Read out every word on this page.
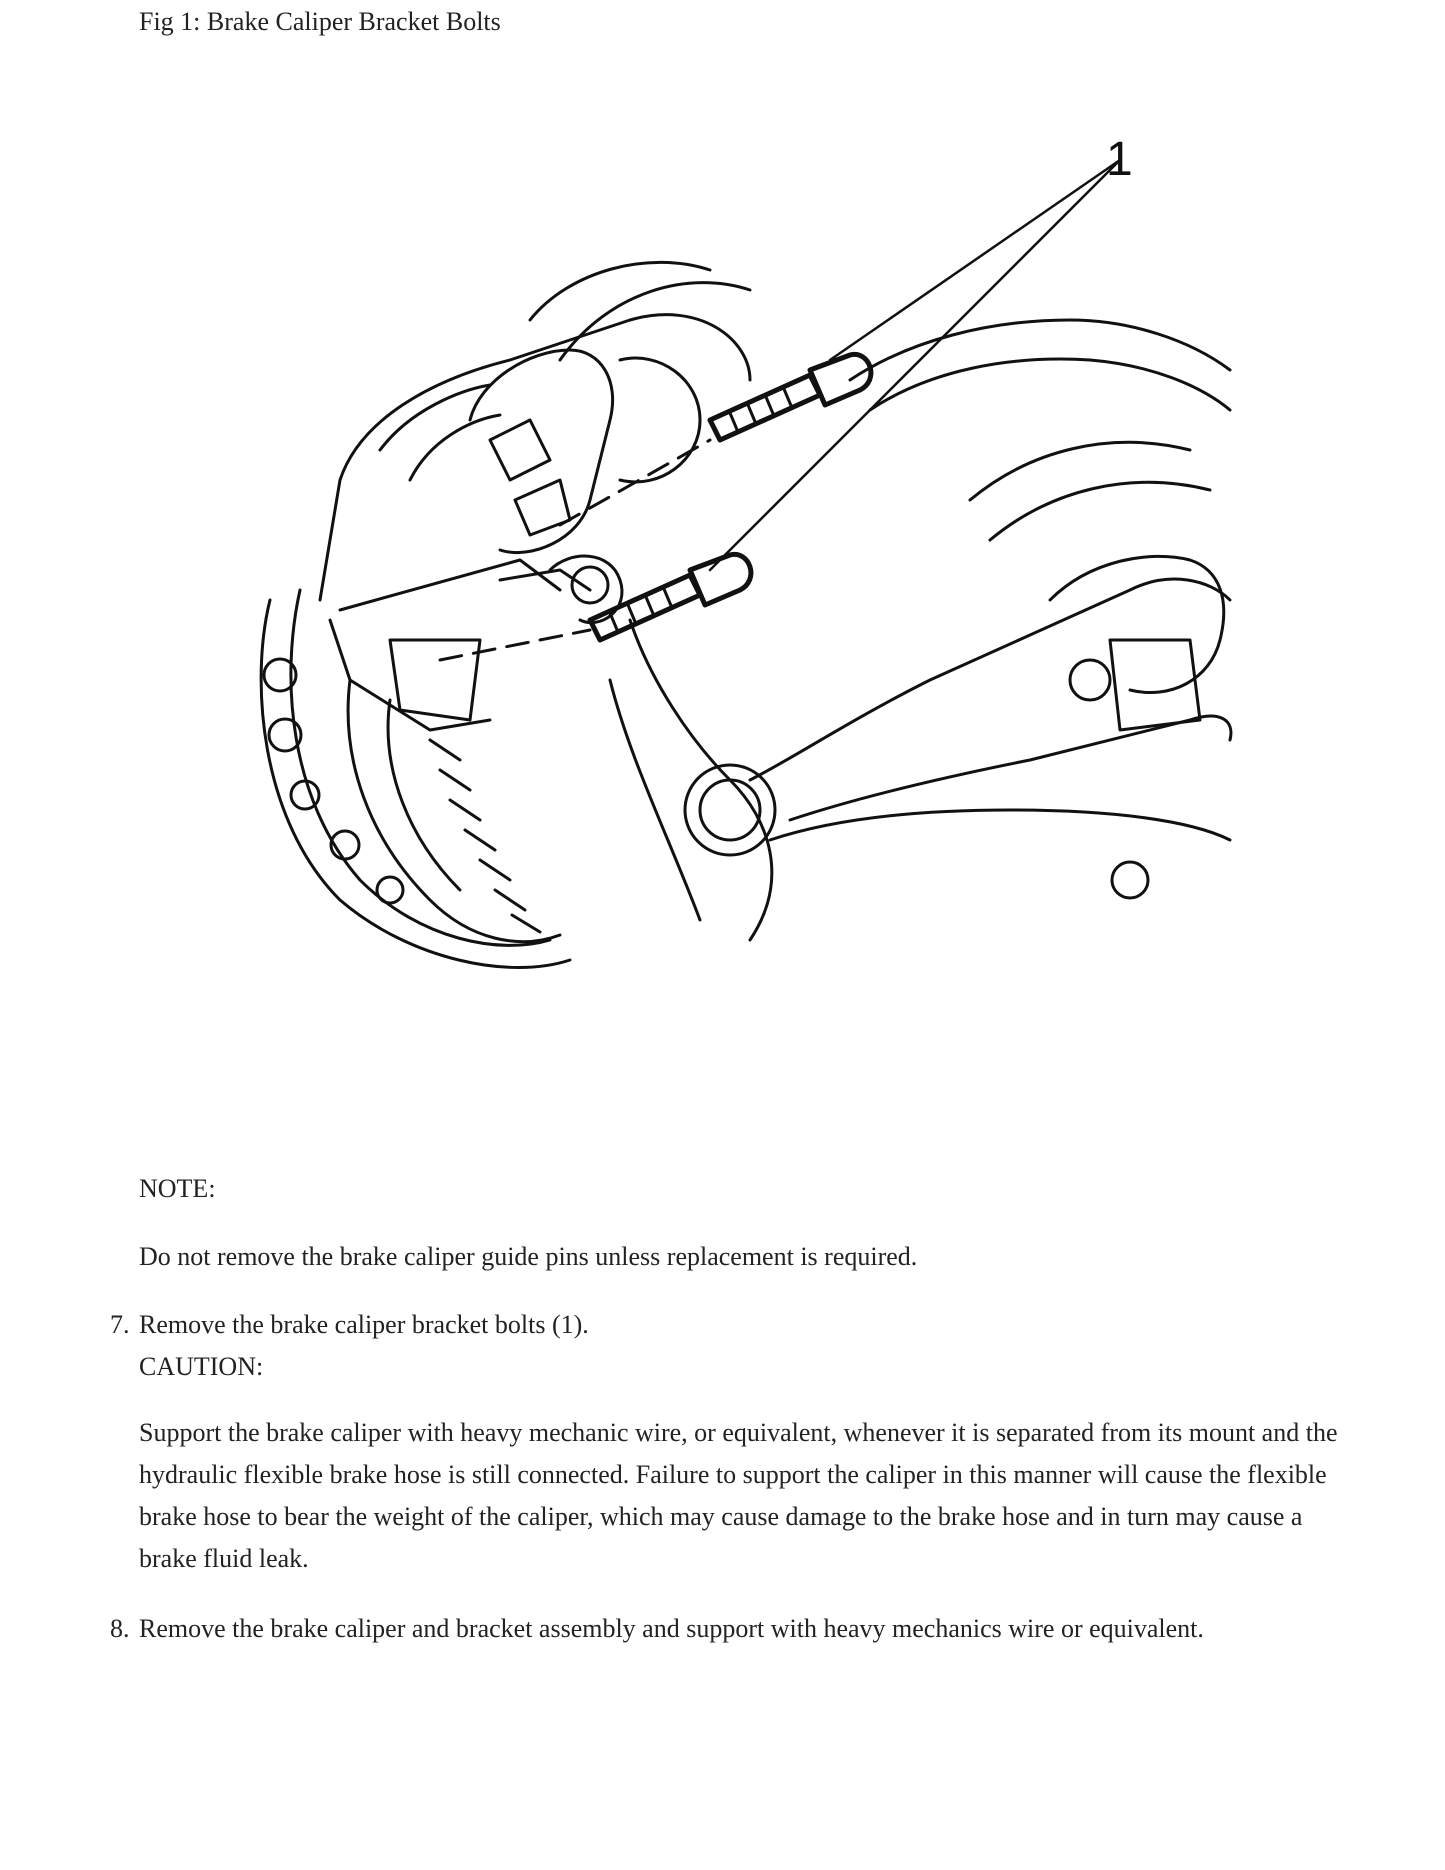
Fig 1: Brake Caliper Bracket Bolts
NOTE:
Do not remove the brake caliper guide pins unless replacement is required.
7. Remove the brake caliper bracket bolts (1).
CAUTION:
Support the brake caliper with heavy mechanic wire, or equivalent, whenever it is separated from its mount and the hydraulic flexible brake hose is still connected. Failure to support the caliper in this manner will cause the flexible brake hose to bear the weight of the caliper, which may cause damage to the brake hose and in turn may cause a brake fluid leak.
8. Remove the brake caliper and bracket assembly and support with heavy mechanics wire or equivalent.
1
